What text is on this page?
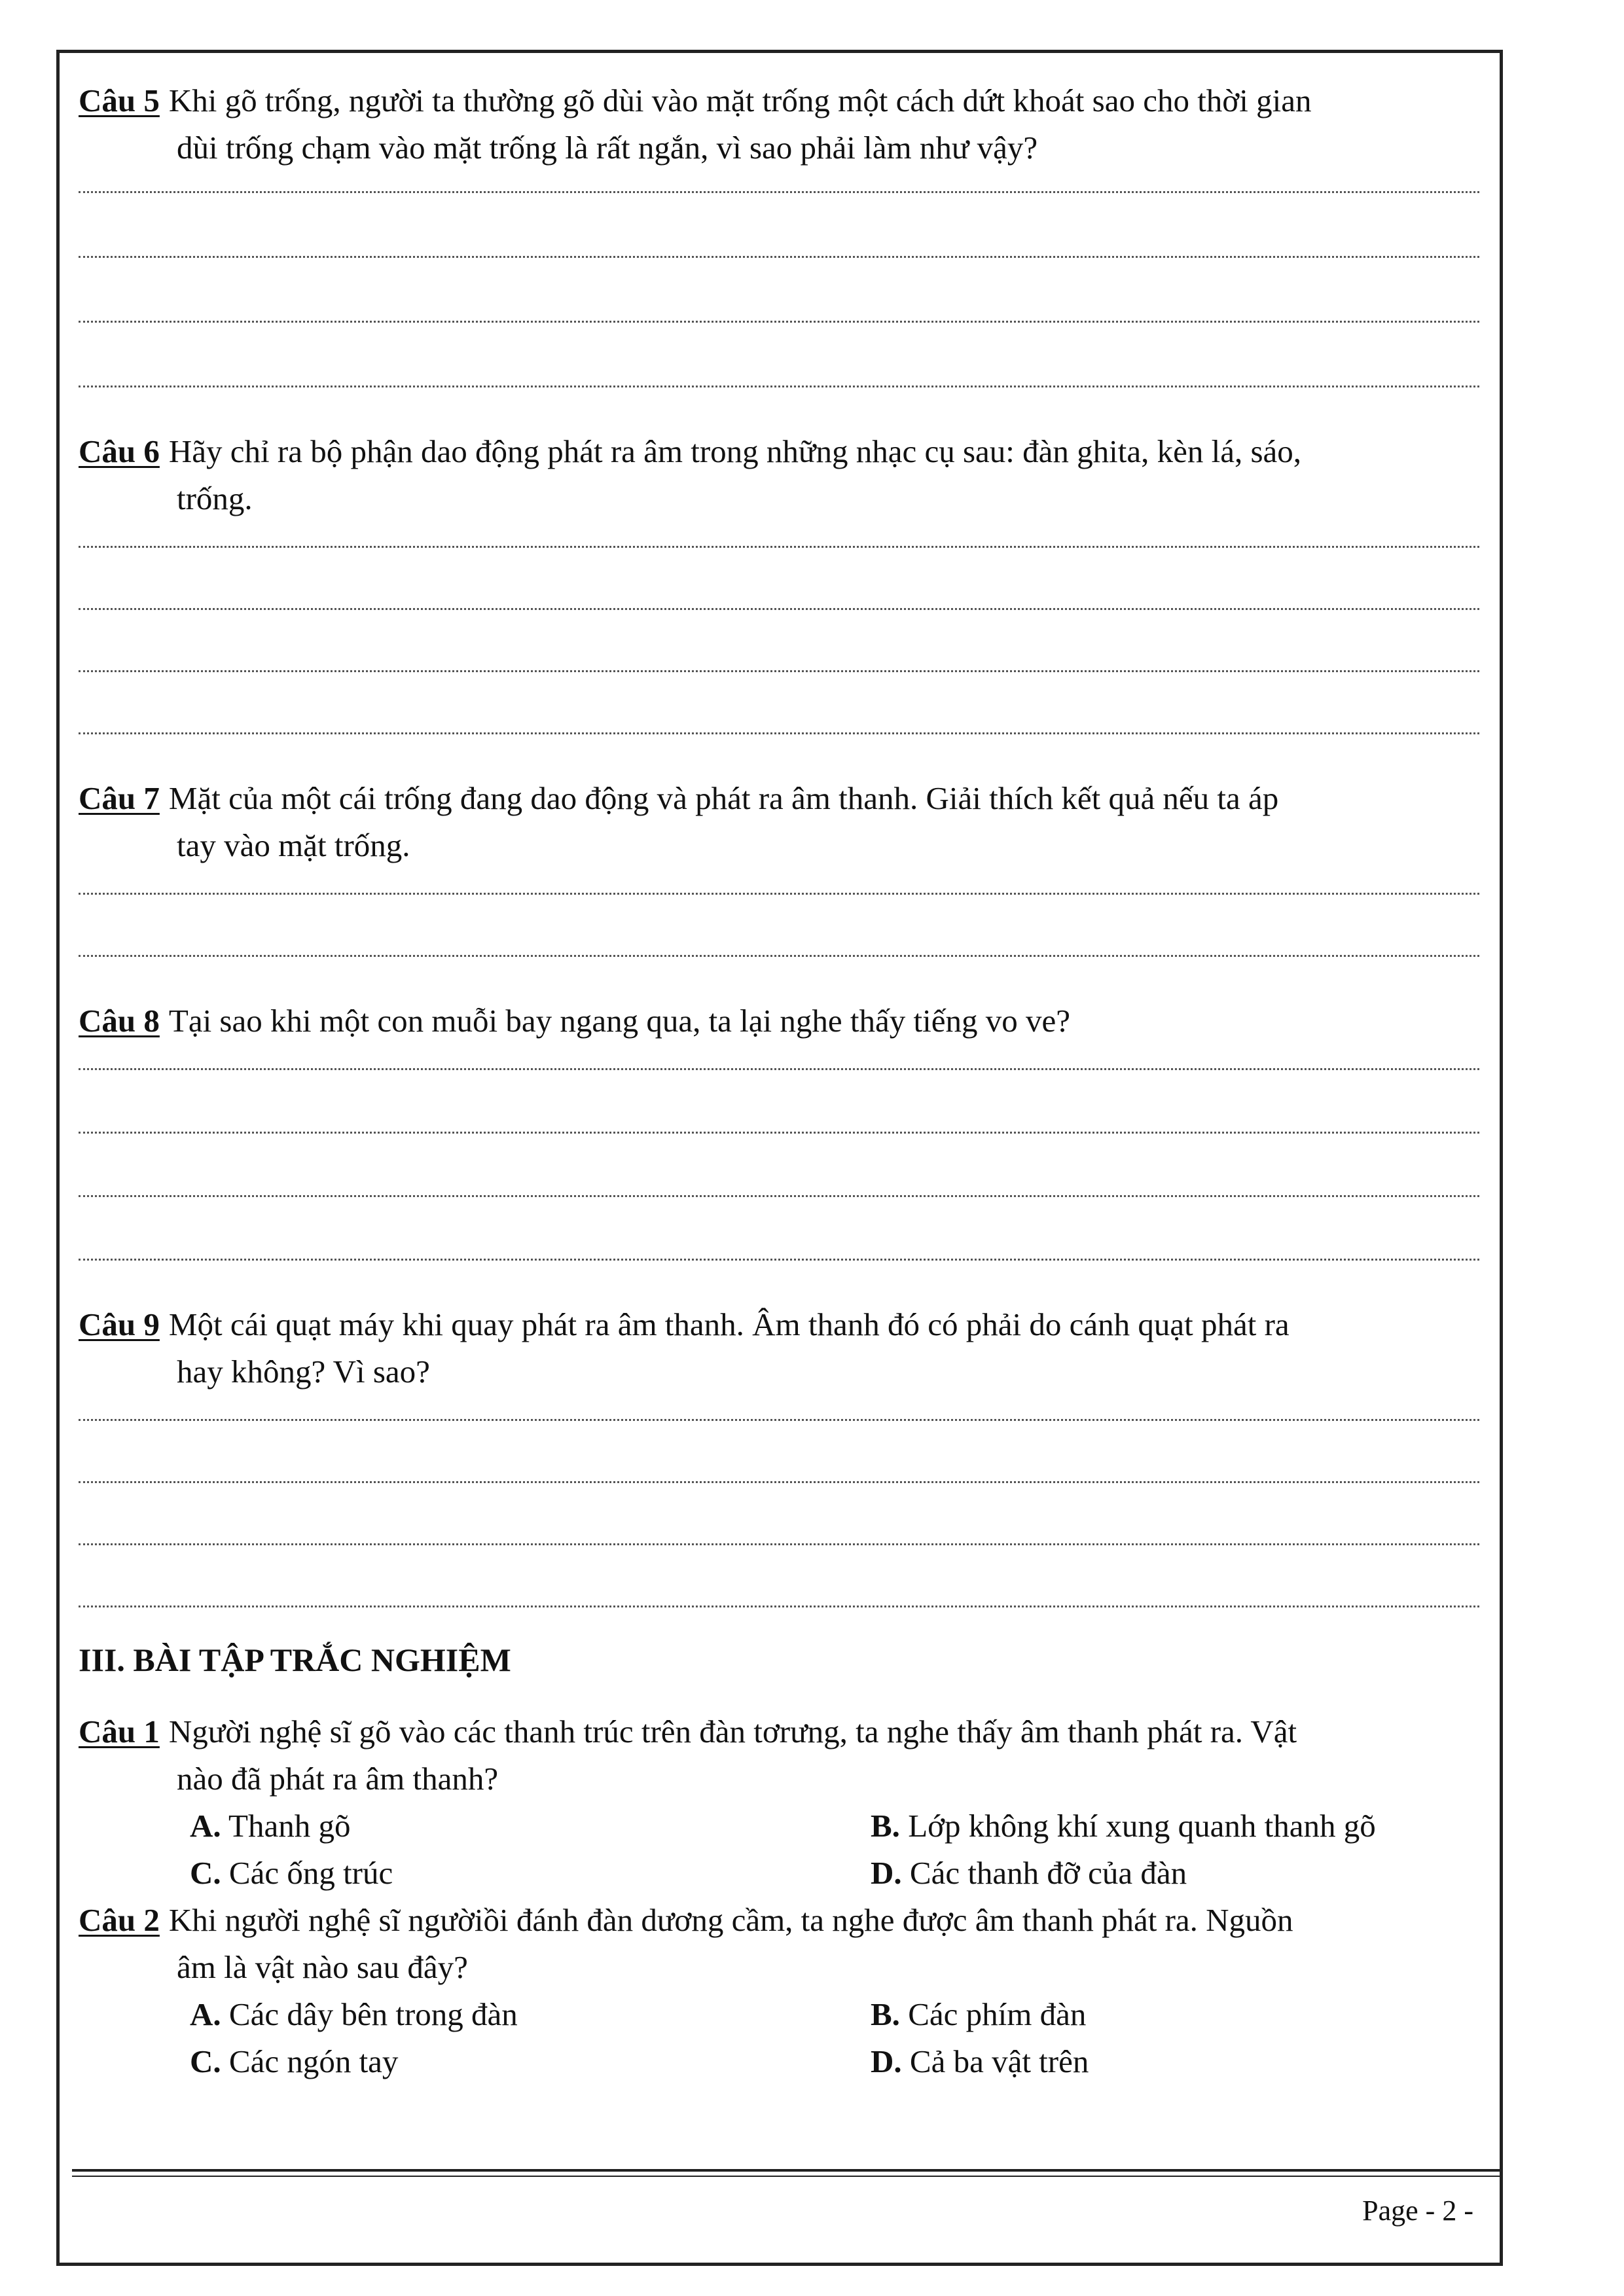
Câu 5 Khi gõ trống, người ta thường gõ dùi vào mặt trống một cách dứt khoát sao cho thời gian
dùi trống chạm vào mặt trống là rất ngắn, vì sao phải làm như vậy?

Câu 6 Hãy chỉ ra bộ phận dao động phát ra âm trong những nhạc cụ sau: đàn ghita, kèn lá, sáo,
trống.

Câu 7 Mặt của một cái trống đang dao động và phát ra âm thanh. Giải thích kết quả nếu ta áp
tay vào mặt trống.

Câu 8 Tại sao khi một con muỗi bay ngang qua, ta lại nghe thấy tiếng vo ve?

Câu 9 Một cái quạt máy khi quay phát ra âm thanh. Âm thanh đó có phải do cánh quạt phát ra
hay không? Vì sao?

III. BÀI TẬP TRẮC NGHIỆM

Câu 1 Người nghệ sĩ gõ vào các thanh trúc trên đàn tơrưng, ta nghe thấy âm thanh phát ra. Vật
nào đã phát ra âm thanh?

A. Thanh gõ	B. Lớp không khí xung quanh thanh gõ
C. Các ống trúc	D. Các thanh đỡ của đàn

Câu 2 Khi người nghệ sĩ ngườiồi đánh đàn dương cầm, ta nghe được âm thanh phát ra. Nguồn
âm là vật nào sau đây?

A. Các dây bên trong đàn	B. Các phím đàn
C. Các ngón tay	D. Cả ba vật trên
Page - 2 -
